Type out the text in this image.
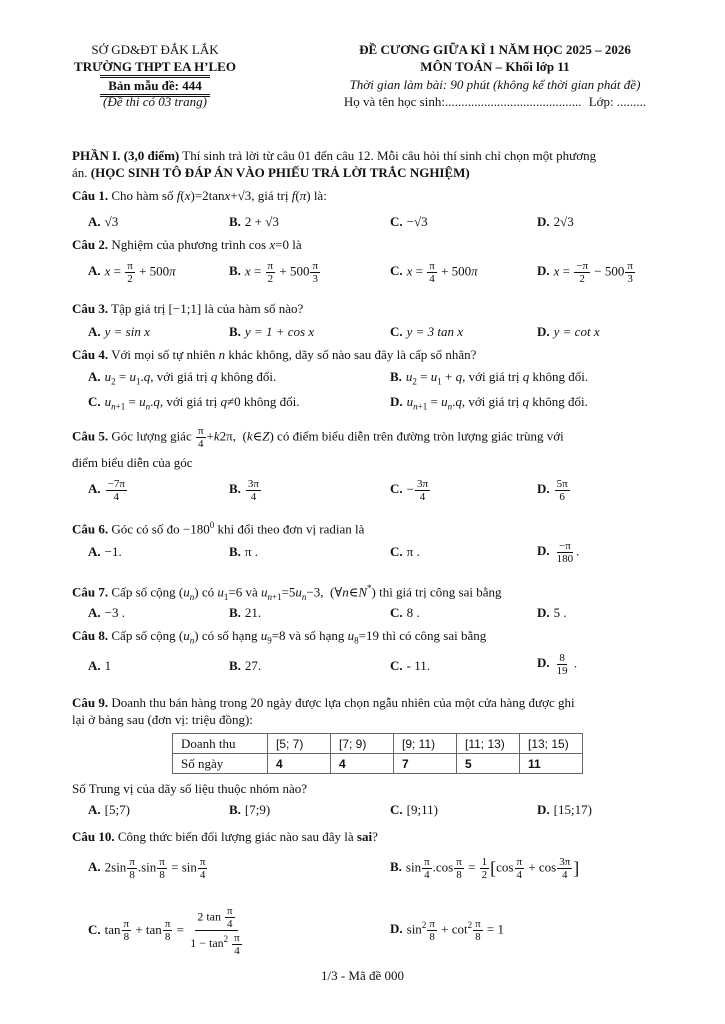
SỞ GD&ĐT ĐẮK LẮK
TRƯỜNG THPT EA H’LEO
Bản mẫu đề: 444
(Đề thi có 03 trang)
ĐỀ CƯƠNG GIỮA KÌ 1 NĂM HỌC 2025 – 2026
MÔN TOÁN – Khối lớp 11
Thời gian làm bài: 90 phút (không kể thời gian phát đề)
Họ và tên học sinh:.......................................... Lớp: .........
PHẦN I. (3,0 điểm) Thí sinh trả lời từ câu 01 đến câu 12. Mỗi câu hỏi thí sinh chỉ chọn một phương
án. (HỌC SINH TÔ ĐÁP ÁN VÀO PHIẾU TRẢ LỜI TRẮC NGHIỆM)
Câu 1. Cho hàm số f(x)=2tanx+√3, giá trị f(π) là:
A. √3	B. 2 + √3	C. −√3	D. 2√3
Câu 2. Nghiệm của phương trình cos x=0 là
A. $x = \frac{\pi}{2} + 500\pi$	B. $x = \frac{\pi}{2} + 500 \frac{\pi}{3}$	C. $x = \frac{\pi}{4} + 500\pi$	D. $x = \frac{-\pi}{2} - 500 \frac{\pi}{3}$
Câu 3. Tập giá trị [−1;1] là của hàm số nào?
A. y = sin x	B. y = 1 + cos x	C. y = 3 tan x	D. y = cot x
Câu 4. Với mọi số tự nhiên n khác không, dãy số nào sau đây là cấp số nhân?
A. $u_2 = u_1.q$, với giá trị q không đổi.	B. $u_2 = u_1 + q$, với giá trị q không đổi.
C. $u_{n+1} = u_n.q$, với giá trị q≠0 không đổi.	D. $u_{n+1} = u_n.q$, với giá trị q không đổi.
Câu 5. Góc lượng giác $\frac{\pi}{4} +k2\pi$,  (k∈Z) có điểm biểu diễn trên đường tròn lượng giác trùng với
điểm biểu diễn của góc
A. $\frac{-7\pi}{4}$	B. $\frac{3\pi}{4}$	C. − $\frac{3\pi}{4}$	D. $\frac{5\pi}{6}$
Câu 6. Góc có số đo $-180^0$ khi đổi theo đơn vị radian là
A. −1.	B. π .	C. π .	D. $\frac{-\pi}{180}$ .
Câu 7. Cấp số cộng $(u_n)$ có $u_1=6$ và $u_{n+1}=5u_n-3$,  (∀n∈N*) thì giá trị công sai bằng
A. −3 .	B. 21.	C. 8 .	D. 5 .
Câu 8. Cấp số cộng $(u_n)$ có số hạng $u_9=8$ và số hạng $u_8=19$ thì có công sai bằng
A. 1	B. 27.	C. - 11.	D. $\frac{8}{19}$ .
Câu 9. Doanh thu bán hàng trong 20 ngày được lựa chọn ngẫu nhiên của một cửa hàng được ghi
lại ở bảng sau (đơn vị: triệu đồng):
Doanh thu	[5; 7)	[7; 9)	[9; 11)	[11; 13)	[13; 15)
Số ngày	4	4	7	5	11
Số Trung vị của dãy số liệu thuộc nhóm nào?
A. [5;7)	B. [7;9)	C. [9;11)	D. [15;17)
Câu 10. Công thức biến đổi lượng giác nào sau đây là sai?
A. $2\sin \frac{\pi}{8} .\sin \frac{\pi}{8} = \sin \frac{\pi}{4}$	B. $\sin \frac{\pi}{4} .\cos \frac{\pi}{8} = \frac{1}{2} [\cos \frac{\pi}{4} + \cos \frac{3\pi}{4}$ ]
C. $\tan \frac{\pi}{8} + \tan \frac{\pi}{8} = \frac{2 \tan \frac{\pi}{4}}{1 - \tan^2 \frac{\pi}{4}}$	D. $\sin^2 \frac{\pi}{8} + \cot^2 \frac{\pi}{8} = 1$
1/3 - Mã đề 000
